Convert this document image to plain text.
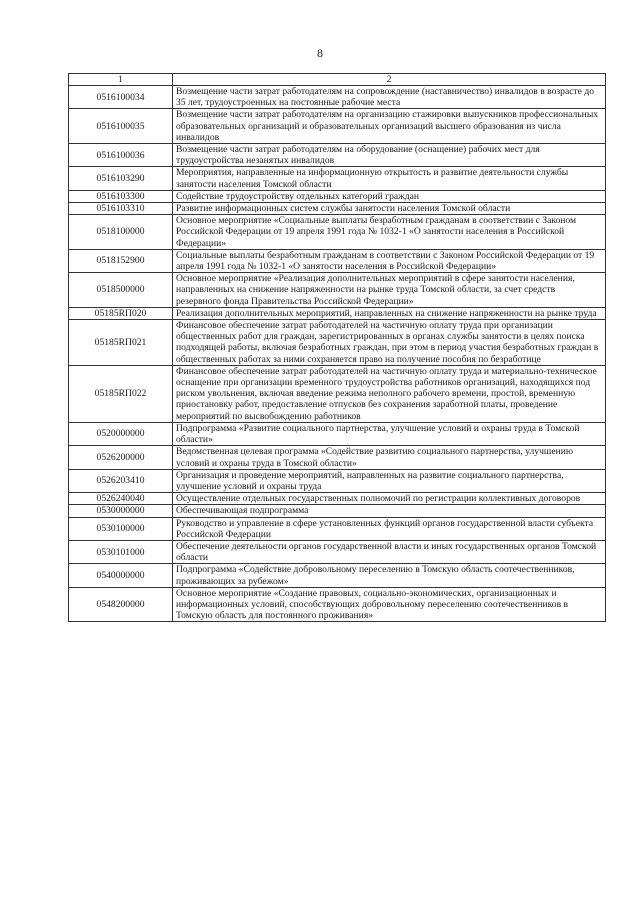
8
1	2
0516100034	Возмещение части затрат работодателям на сопровождение (наставничество) инвалидов в возрасте до 35 лет, трудоустроенных на постоянные рабочие места
0516100035	Возмещение части затрат работодателям на организацию стажировки выпускников профессиональных образовательных организаций и образовательных организаций высшего образования из числа инвалидов
0516100036	Возмещение части затрат работодателям на оборудование (оснащение) рабочих мест для трудоустройства незанятых инвалидов
0516103290	Мероприятия, направленные на информационную открытость и развитие деятельности службы занятости населения Томской области
0516103300	Содействие трудоустройству отдельных категорий граждан
0516103310	Развитие информационных систем службы занятости населения Томской области
0518100000	Основное мероприятие «Социальные выплаты безработным гражданам в соответствии с Законом Российской Федерации от 19 апреля 1991 года № 1032-1 «О занятости населения в Российской Федерации»
0518152900	Социальные выплаты безработным гражданам в соответствии с Законом Российской Федерации от 19 апреля 1991 года № 1032-1 «О занятости населения в Российской Федерации»
0518500000	Основное мероприятие «Реализация дополнительных мероприятий в сфере занятости населения, направленных на снижение напряженности на рынке труда Томской области, за счет средств резервного фонда Правительства Российской Федерации»
05185RП020	Реализация дополнительных мероприятий, направленных на снижение напряженности на рынке труда
05185RП021	Финансовое обеспечение затрат работодателей на частичную оплату труда при организации общественных работ для граждан, зарегистрированных в органах службы занятости в целях поиска подходящей работы, включая безработных граждан, при этом в период участия безработных граждан в общественных работах за ними сохраняется право на получение пособия по безработице
05185RП022	Финансовое обеспечение затрат работодателей на частичную оплату труда и материально-техническое оснащение при организации временного трудоустройства работников организаций, находящихся под риском увольнения, включая введение режима неполного рабочего времени, простой, временную приостановку работ, предоставление отпусков без сохранения заработной платы, проведение мероприятий по высвобождению работников
0520000000	Подпрограмма «Развитие социального партнерства, улучшение условий и охраны труда в Томской области»
0526200000	Ведомственная целевая программа «Содействие развитию социального партнерства, улучшению условий и охраны труда в Томской области»
0526203410	Организация и проведение мероприятий, направленных на развитие социального партнерства, улучшение условий и охраны труда
0526240040	Осуществление отдельных государственных полномочий по регистрации коллективных договоров
0530000000	Обеспечивающая подпрограмма
0530100000	Руководство и управление в сфере установленных функций органов государственной власти субъекта Российской Федерации
0530101000	Обеспечение деятельности органов государственной власти и иных государственных органов Томской области
0540000000	Подпрограмма «Содействие добровольному переселению в Томскую область соотечественников, проживающих за рубежом»
0548200000	Основное мероприятие «Создание правовых, социально-экономических, организационных и информационных условий, способствующих добровольному переселению соотечественников в Томскую область для постоянного проживания»
